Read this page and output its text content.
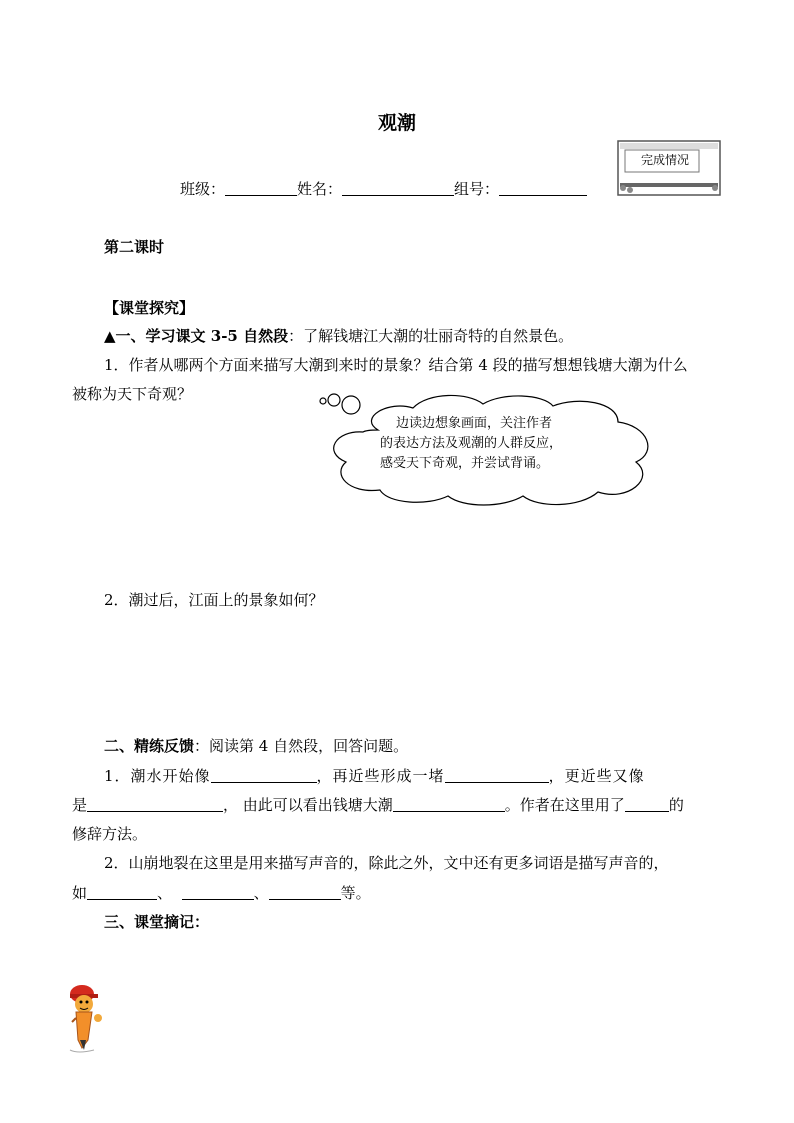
观潮
完成情况
班级：	姓名：	组号：
第二课时
【课堂探究】
▲一、学习课文 3-5 自然段：了解钱塘江大潮的壮丽奇特的自然景色。
1．作者从哪两个方面来描写大潮到来时的景象？结合第 4 段的描写想想钱塘大潮为什么
被称为天下奇观？
边读边想象画面，关注作者
的表达方法及观潮的人群反应，
感受天下奇观，并尝试背诵。
2．潮过后，江面上的景象如何？
二、精练反馈：阅读第 4 自然段，回答问题。
1．潮水开始像	，再近些形成一堵	，更近些又像
是	， 由此可以看出钱塘大潮	。作者在这里用了	的
修辞方法。
2．山崩地裂在这里是用来描写声音的，除此之外，文中还有更多词语是描写声音的，
如	、	、	等。
三、课堂摘记：
